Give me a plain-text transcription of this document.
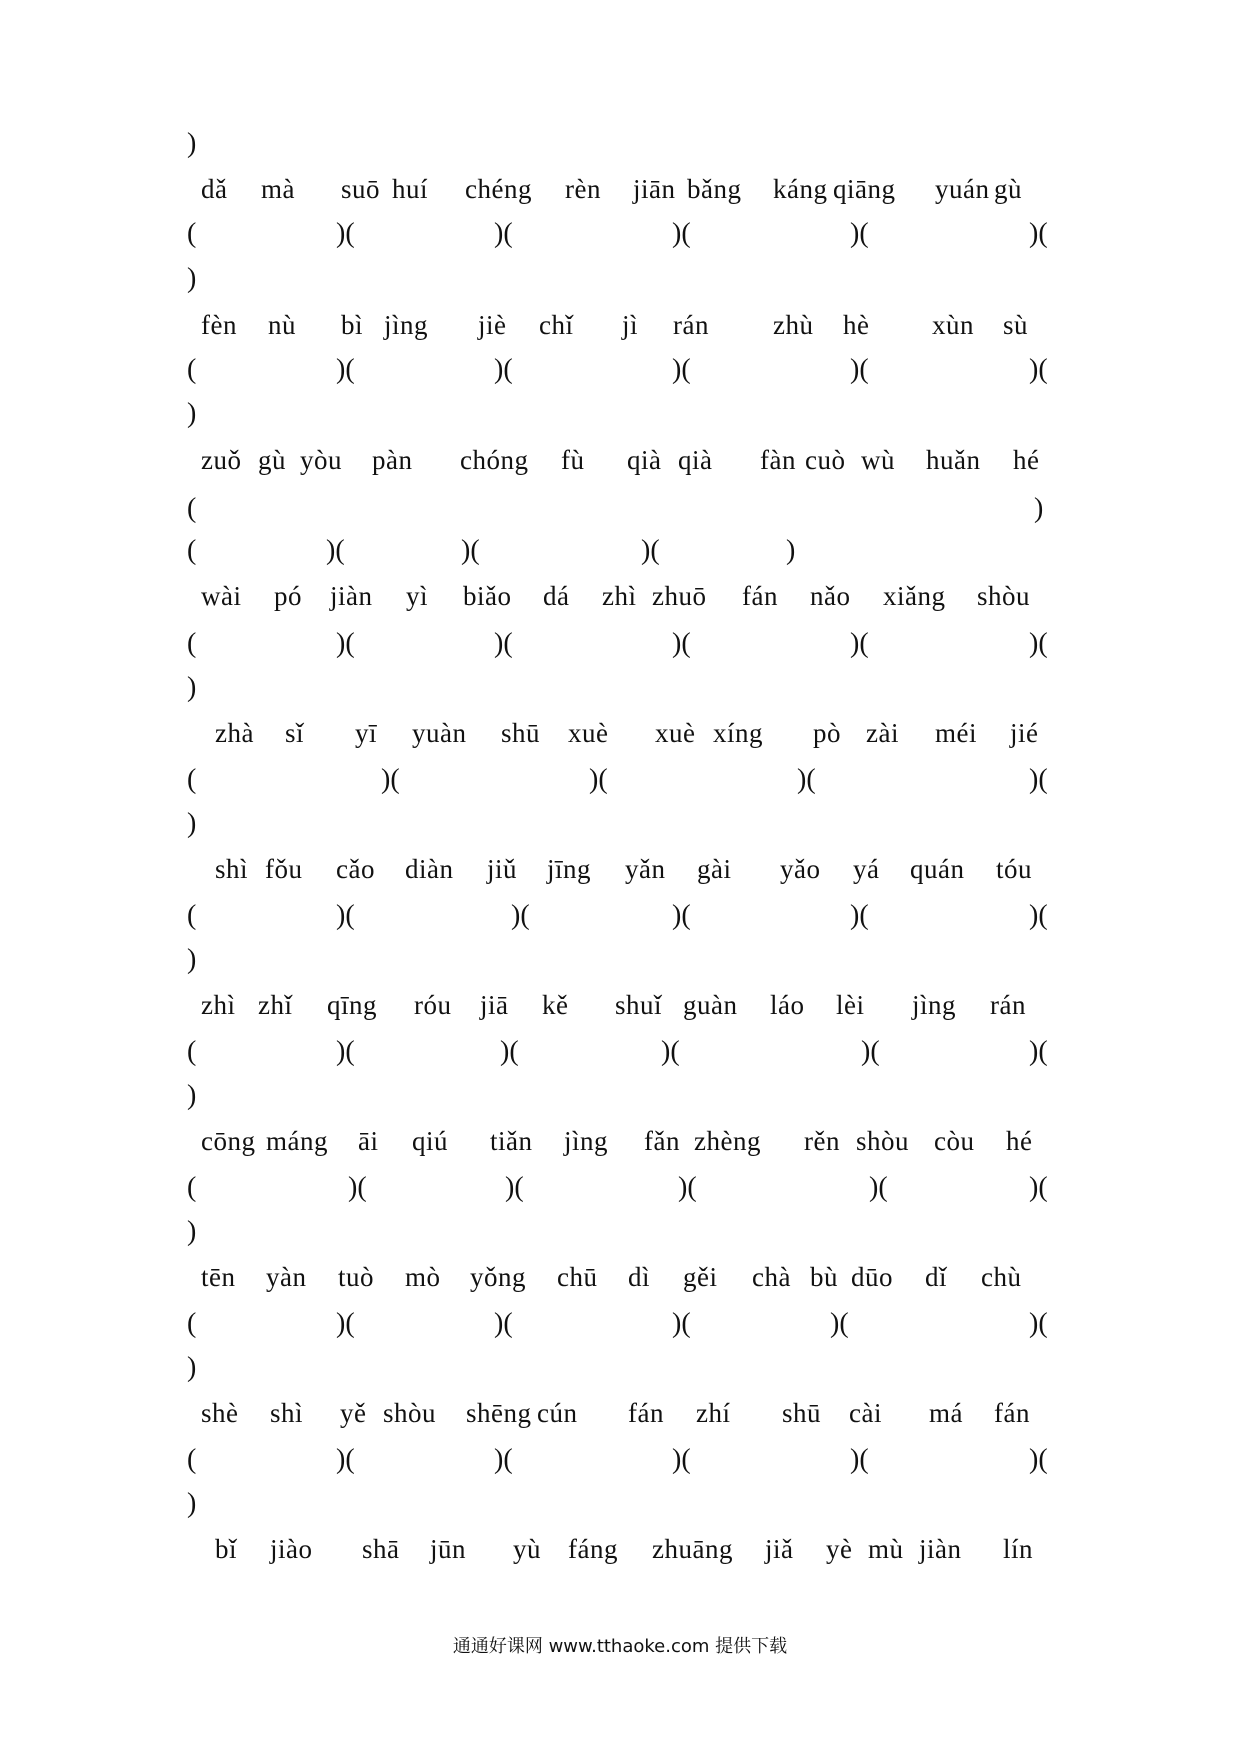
)
dǎ mà suō huí chéng rèn jiān bǎng káng qiāng yuán gù
(	)(	)(	)(	)(	)(
)
fèn nù bì jìng jiè chǐ jì rán zhù hè xùn sù
(	)(	)(	)(	)(	)(
)
zuǒ gù yòu pàn chóng fù qià qià fàn cuò wù huǎn hé
(	)
(	)(	)(	)(	)
wài pó jiàn yì biǎo dá zhì zhuō fán nǎo xiǎng shòu
(	)(	)(	)(	)(	)(
)
zhà sǐ yī yuàn shū xuè xuè xíng pò zài méi jié
(	)(	)(	)(	)(
)
shì fǒu cǎo diàn jiǔ jīng yǎn gài yǎo yá quán tóu
(	)(	)(	)(	)(	)(
)
zhì zhǐ qīng róu jiā kě shuǐ guàn láo lèi jìng rán
(	)(	)(	)(	)(	)(
)
cōng máng āi qiú tiǎn jìng fǎn zhèng rěn shòu còu hé
(	)(	)(	)(	)(	)(
)
tēn yàn tuò mò yǒng chū dì gěi chà bù dūo dǐ chù
(	)(	)(	)(	)(	)(
)
shè shì yě shòu shēng cún fán zhí shū cài má fán
(	)(	)(	)(	)(	)(
)
bǐ jiào shā jūn yù fáng zhuāng jiǎ yè mù jiàn lín
通通好课网 www.tthaoke.com 提供下载
